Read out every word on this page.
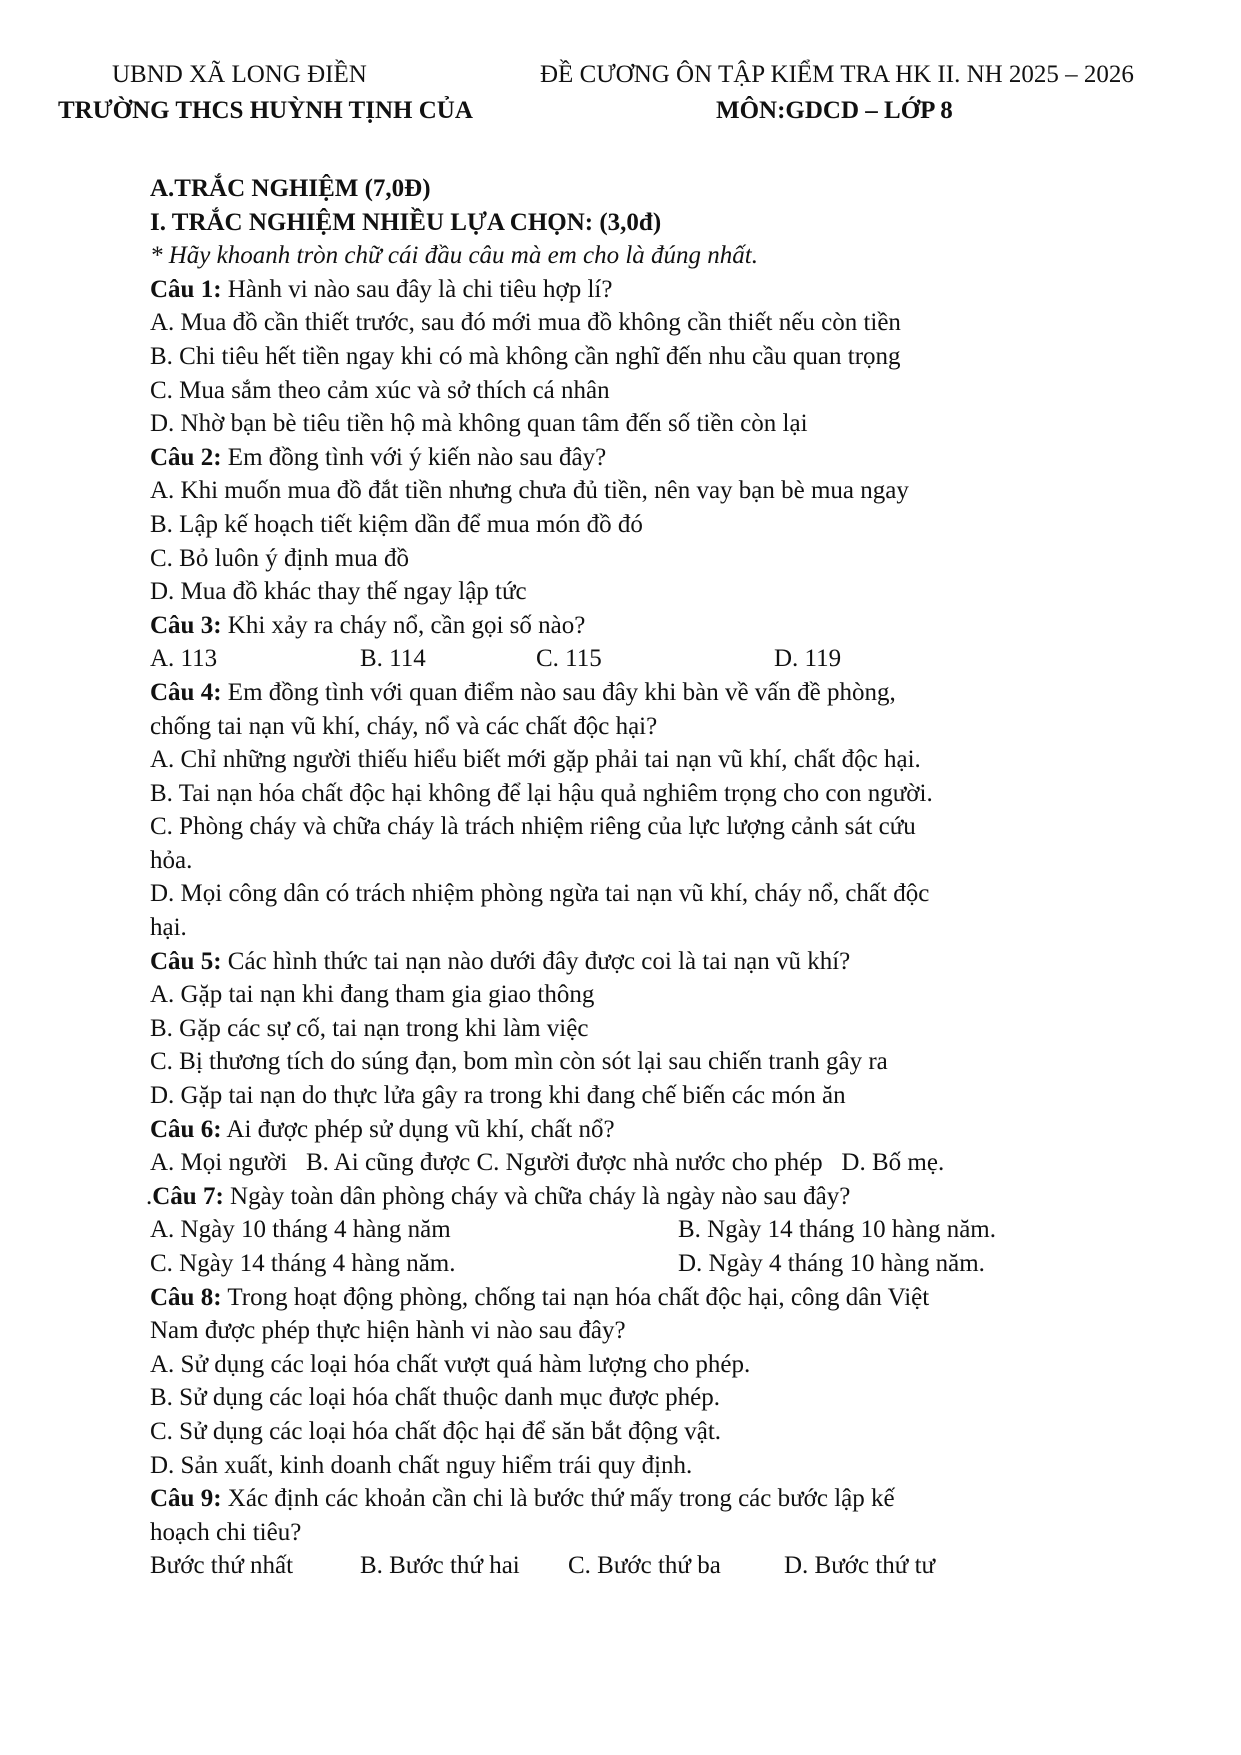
UBND XÃ LONG ĐIỀN
TRƯỜNG THCS HUỲNH TỊNH CỦA
ĐỀ CƯƠNG ÔN TẬP KIỂM TRA HK II. NH 2025 – 2026
MÔN:GDCD – LỚP 8
A.TRẮC NGHIỆM (7,0Đ)
I. TRẮC NGHIỆM NHIỀU LỰA CHỌN: (3,0đ)
* Hãy khoanh tròn chữ cái đầu câu mà em cho là đúng nhất.
Câu 1: Hành vi nào sau đây là chi tiêu hợp lí?
A. Mua đồ cần thiết trước, sau đó mới mua đồ không cần thiết nếu còn tiền
B. Chi tiêu hết tiền ngay khi có mà không cần nghĩ đến nhu cầu quan trọng
C. Mua sắm theo cảm xúc và sở thích cá nhân
D. Nhờ bạn bè tiêu tiền hộ mà không quan tâm đến số tiền còn lại
Câu 2: Em đồng tình với ý kiến nào sau đây?
A. Khi muốn mua đồ đắt tiền nhưng chưa đủ tiền, nên vay bạn bè mua ngay
B. Lập kế hoạch tiết kiệm dần để mua món đồ đó
C. Bỏ luôn ý định mua đồ
D. Mua đồ khác thay thế ngay lập tức
Câu 3: Khi xảy ra cháy nổ, cần gọi số nào?
A. 113	B. 114	C. 115	D. 119
Câu 4: Em đồng tình với quan điểm nào sau đây khi bàn về vấn đề phòng,
chống tai nạn vũ khí, cháy, nổ và các chất độc hại?
A. Chỉ những người thiếu hiểu biết mới gặp phải tai nạn vũ khí, chất độc hại.
B. Tai nạn hóa chất độc hại không để lại hậu quả nghiêm trọng cho con người.
C. Phòng cháy và chữa cháy là trách nhiệm riêng của lực lượng cảnh sát cứu
hỏa.
D. Mọi công dân có trách nhiệm phòng ngừa tai nạn vũ khí, cháy nổ, chất độc
hại.
Câu 5: Các hình thức tai nạn nào dưới đây được coi là tai nạn vũ khí?
A. Gặp tai nạn khi đang tham gia giao thông
B. Gặp các sự cố, tai nạn trong khi làm việc
C. Bị thương tích do súng đạn, bom mìn còn sót lại sau chiến tranh gây ra
D. Gặp tai nạn do thực lửa gây ra trong khi đang chế biến các món ăn
Câu 6: Ai được phép sử dụng vũ khí, chất nổ?
A. Mọi người   B. Ai cũng được C. Người được nhà nước cho phép   D. Bố mẹ.
.Câu 7: Ngày toàn dân phòng cháy và chữa cháy là ngày nào sau đây?
A. Ngày 10 tháng 4 hàng năm	B. Ngày 14 tháng 10 hàng năm.
C. Ngày 14 tháng 4 hàng năm.	D. Ngày 4 tháng 10 hàng năm.
Câu 8: Trong hoạt động phòng, chống tai nạn hóa chất độc hại, công dân Việt
Nam được phép thực hiện hành vi nào sau đây?
A. Sử dụng các loại hóa chất vượt quá hàm lượng cho phép.
B. Sử dụng các loại hóa chất thuộc danh mục được phép.
C. Sử dụng các loại hóa chất độc hại để săn bắt động vật.
D. Sản xuất, kinh doanh chất nguy hiểm trái quy định.
Câu 9: Xác định các khoản cần chi là bước thứ mấy trong các bước lập kế
hoạch chi tiêu?
Bước thứ nhất	B. Bước thứ hai	C. Bước thứ ba	D. Bước thứ tư
